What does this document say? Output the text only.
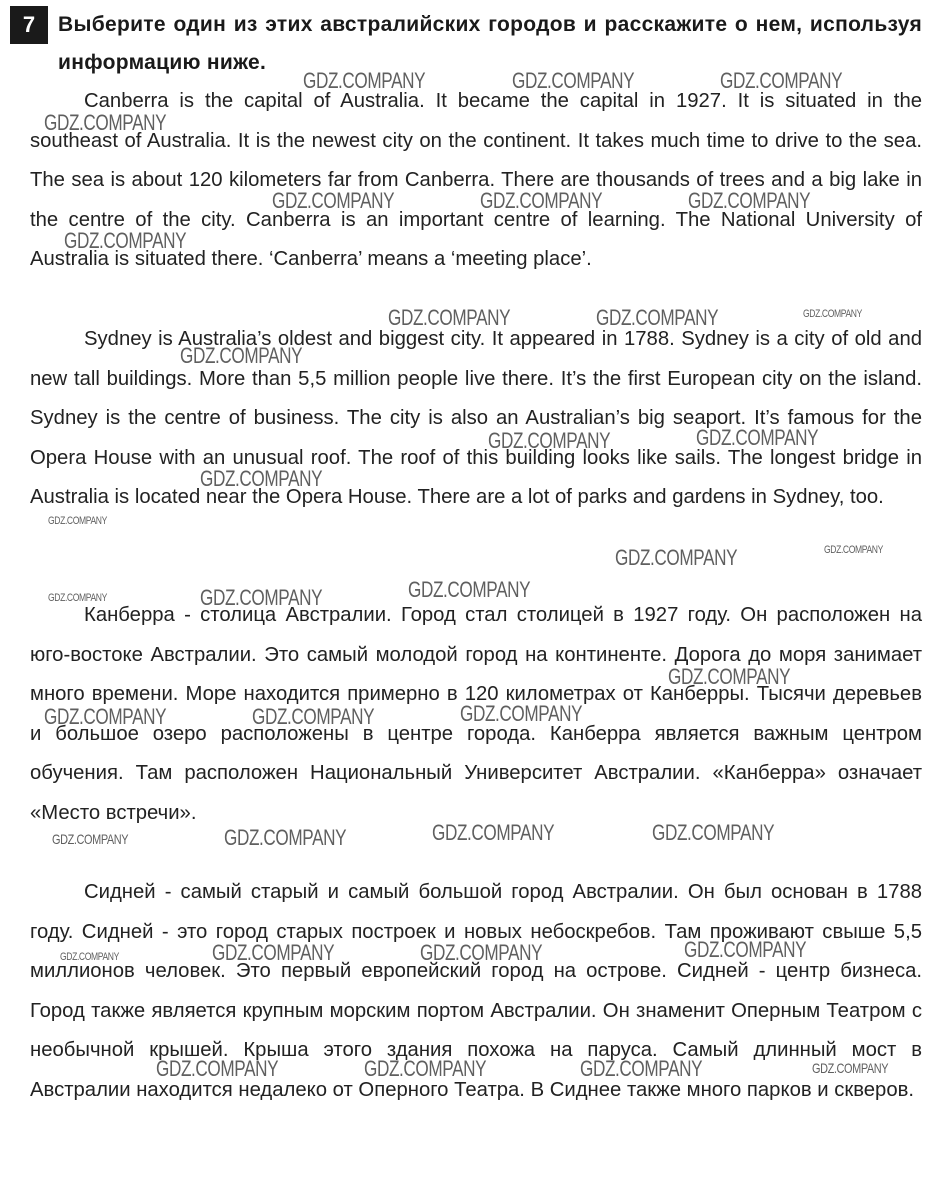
7	Выберите один из этих австралийских городов и расскажите о нем, используя информацию ниже.

Canberra is the capital of Australia. It became the capital in 1927. It is situated in the southeast of Australia. It is the newest city on the continent. It takes much time to drive to the sea. The sea is about 120 kilometers far from Canberra. There are thousands of trees and a big lake in the centre of the city. Canberra is an important centre of learning. The National University of Australia is situated there. ‘Canberra’ means a ‘meeting place’.

Sydney is Australia’s oldest and biggest city. It appeared in 1788. Sydney is a city of old and new tall buildings. More than 5,5 million people live there. It’s the first European city on the island. Sydney is the centre of business. The city is also an Australian’s big seaport. It’s famous for the Opera House with an unusual roof. The roof of this building looks like sails. The longest bridge in Australia is located near the Opera House. There are a lot of parks and gardens in Sydney, too.

Канберра - столица Австралии. Город стал столицей в 1927 году. Он расположен на юго-востоке Австралии. Это самый молодой город на континенте. Дорога до моря занимает много времени. Море находится примерно в 120 километрах от Канберры. Тысячи деревьев и большое озеро расположены в центре города. Канберра является важным центром обучения. Там расположен Национальный Университет Австралии. «Канберра» означает «Место встречи».

Сидней - самый старый и самый большой город Австралии. Он был основан в 1788 году. Сидней - это город старых построек и новых небоскребов. Там проживают свыше 5,5 миллионов человек. Это первый европейский город на острове. Сидней - центр бизнеса. Город также является крупным морским портом Австралии. Он знаменит Оперным Театром с необычной крышей. Крыша этого здания похожа на паруса. Самый длинный мост в Австралии находится недалеко от Оперного Театра. В Сиднее также много парков и скверов.

GDZ.COMPANY	GDZ.COMPANY	GDZ.COMPANY
GDZ.COMPANY
GDZ.COMPANY	GDZ.COMPANY	GDZ.COMPANY
GDZ.COMPANY
GDZ.COMPANY	GDZ.COMPANY	GDZ.COMPANY
GDZ.COMPANY
GDZ.COMPANY	GDZ.COMPANY
GDZ.COMPANY
GDZ.COMPANY
GDZ.COMPANY	GDZ.COMPANY
GDZ.COMPANY
GDZ.COMPANY	GDZ.COMPANY
GDZ.COMPANY
GDZ.COMPANY	GDZ.COMPANY	GDZ.COMPANY
GDZ.COMPANY	GDZ.COMPANY
GDZ.COMPANY
GDZ.COMPANY
GDZ.COMPANY	GDZ.COMPANY	GDZ.COMPANY
GDZ.COMPANY
GDZ.COMPANY	GDZ.COMPANY	GDZ.COMPANY	GDZ.COMPANY
